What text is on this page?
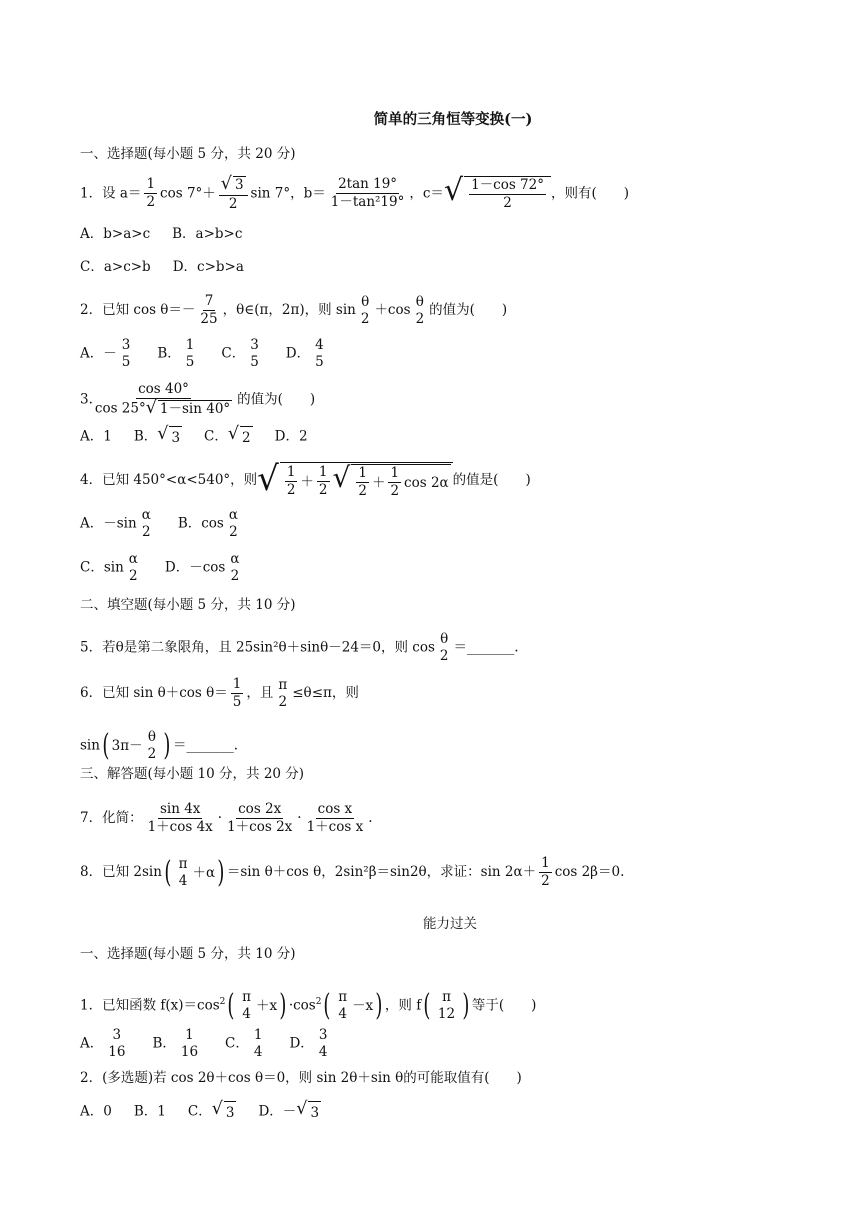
简单的三角恒等变换(一)
一、选择题(每小题 5 分，共 20 分)
1．设 $a= \frac{1}{2}$ $\cos 7^\circ+ \frac{√ 3}{2}$ sin 7°，$b= \frac{2\tan 19^\circ}{\text{1－tan²19°}}$ ，c＝ √ $\frac{1-\cos 72^\circ}{2}$ ，则有(　　)
A．b>a>c B．a>b>c
C．a>c>b D．c>b>a
2．已知 $\cos \theta=- \frac{7}{25}$ ，θ∈(π，2π)，则 sin
θ
2
＋cos
θ
2
的值为(　　)
A．－
3
5
B．
1
5
C．
3
5
D．
4
5
3. $\frac{\cos 40^\circ}{\cos 25^\circ √ 1-\sin 40^\circ}$ 的值为(　　)
A．1 B． √ 3 C． √ 2 D．2
4．已知 450°<α<540°，则 √ $\frac{1}{2} + \frac{1}{2}$ √ $\frac{1}{2} + \frac{1}{2}$ cos 2α 的值是(　　)
A．－sin
α
2
B．cos
α
2
C．sin
α
2
D．－cos
α
2
二、填空题(每小题 5 分，共 10 分)
5．若θ是第二象限角，且 25sin²θ＋sinθ－24＝0，则 cos
θ
2
＝_______.
6．已知 sin θ＋cos $\theta= \frac{1}{5}$ ，且
π
2
≤θ≤π，则
sin ( 3π－
θ
2 ) ＝_______.
三、解答题(每小题 10 分，共 20 分)
7．化简： $\frac{\sin 4x}{1+\cos 4x} \cdot \frac{\cos 2x}{1+\cos 2x} \cdot \frac{\text{cos x}}{\text{1＋cos x}}$ .
8．已知 2sin ( π
4 ＋α ) ＝sin θ＋cos θ，2sin²β＝sin2θ，求证：$\sin 2\alpha+ \frac{1}{2}$ cos 2β＝0.
能力过关
一、选择题(每小题 5 分，共 10 分)
1．已知函数 $f(x)=\cos^2$ ( π
4 ＋x ) $\cdot\cos^2$ ( π
4 －x ) ，则 f ( π
12 ) 等于(　　)
A．
3
16
B．
1
16
C．
1
4
D．
3
4
2．(多选题)若 cos 2θ＋cos θ＝0，则 sin 2θ＋sin θ的可能取值有(　　)
A．0 B．1 C． √ 3 D．－ √ 3
